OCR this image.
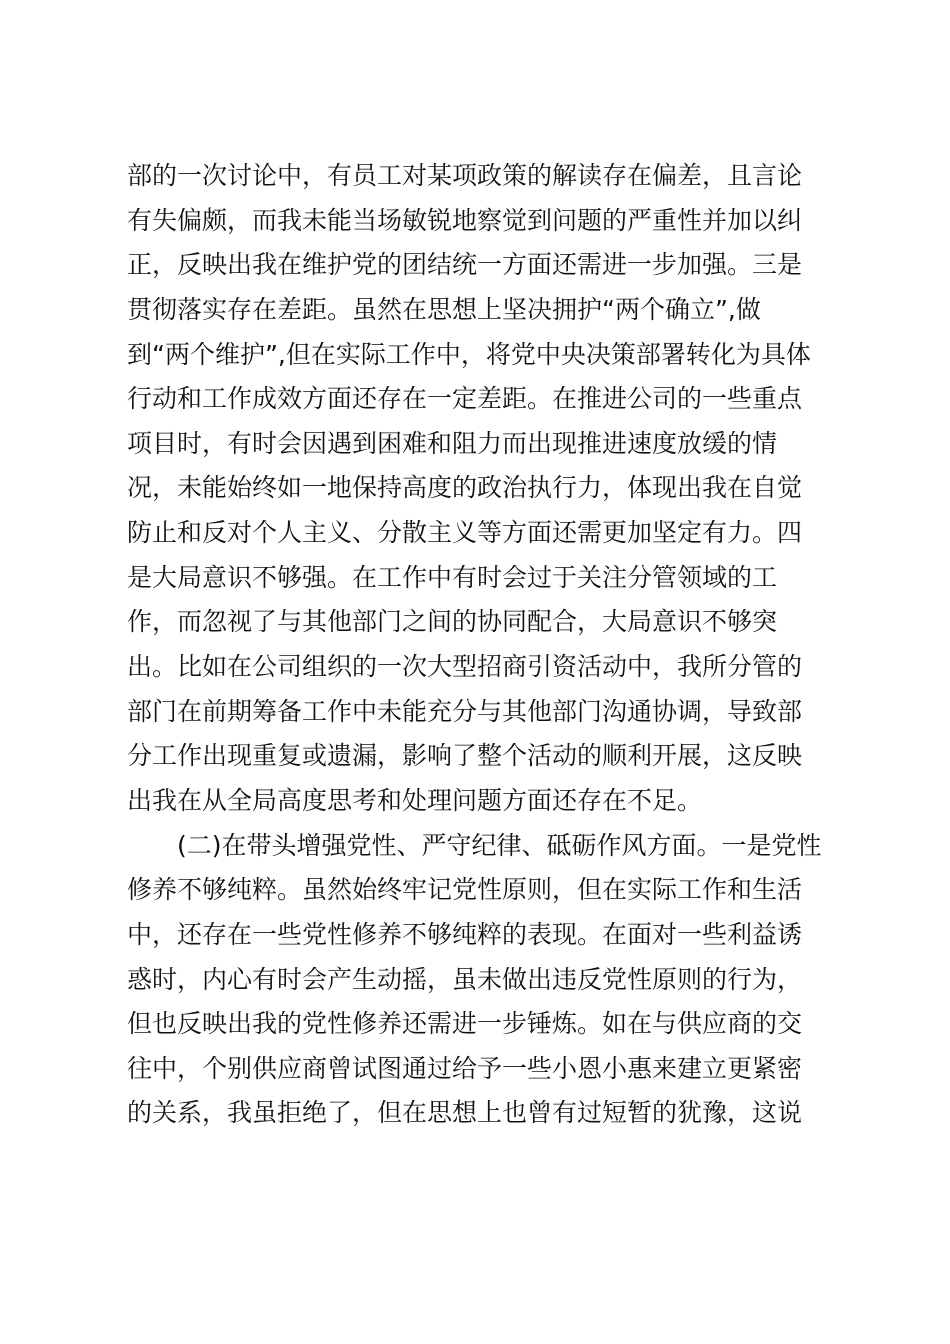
部的一次讨论中，有员工对某项政策的解读存在偏差，且言论
有失偏颇，而我未能当场敏锐地察觉到问题的严重性并加以纠
正，反映出我在维护党的团结统一方面还需进一步加强。三是
贯彻落实存在差距。虽然在思想上坚决拥护“两个确立”,做
到“两个维护”,但在实际工作中，将党中央决策部署转化为具体
行动和工作成效方面还存在一定差距。在推进公司的一些重点
项目时，有时会因遇到困难和阻力而出现推进速度放缓的情
况，未能始终如一地保持高度的政治执行力，体现出我在自觉
防止和反对个人主义、分散主义等方面还需更加坚定有力。四
是大局意识不够强。在工作中有时会过于关注分管领域的工
作，而忽视了与其他部门之间的协同配合，大局意识不够突
出。比如在公司组织的一次大型招商引资活动中，我所分管的
部门在前期筹备工作中未能充分与其他部门沟通协调，导致部
分工作出现重复或遗漏，影响了整个活动的顺利开展，这反映
出我在从全局高度思考和处理问题方面还存在不足。
(二)在带头增强党性、严守纪律、砥砺作风方面。一是党性
修养不够纯粹。虽然始终牢记党性原则，但在实际工作和生活
中，还存在一些党性修养不够纯粹的表现。在面对一些利益诱
惑时，内心有时会产生动摇，虽未做出违反党性原则的行为，
但也反映出我的党性修养还需进一步锤炼。如在与供应商的交
往中，个别供应商曾试图通过给予一些小恩小惠来建立更紧密
的关系，我虽拒绝了，但在思想上也曾有过短暂的犹豫，这说
